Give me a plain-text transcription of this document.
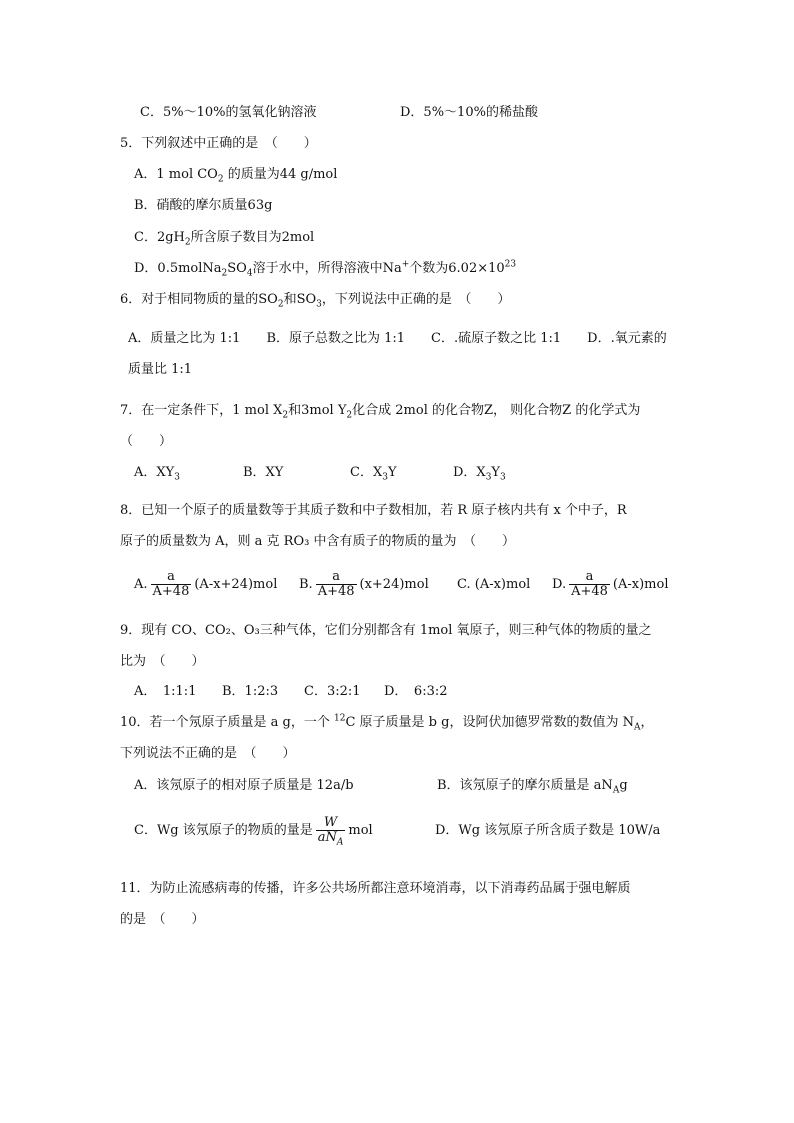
C．5%～10%的氢氧化钠溶液	D．5%～10%的稀盐酸
5．下列叙述中正确的是　（　　）
A．1 mol $CO_2$ 的质量为44 g/mol
B．硝酸的摩尔质量63g
C．$2gH_2$所含原子数目为2mol
D．$0.5molNa_2SO_4$溶于水中，所得溶液中Na+个数为$6.02\times 10^{23}$
6．对于相同物质的量的$SO_2$和$SO_3$，下列说法中正确的是　（　　）
A．质量之比为 1:1　　B．原子总数之比为 1:1　　C．.硫原子数之比 1:1　　D．.氧元素的
质量比 1:1
7．在一定条件下，1 mol $X_2$和3mol $Y_2$化合成 2mol 的化合物Z， 则化合物Z 的化学式为
（　　）
A．$XY_3$	B．XY	C．$X_3Y$	D．$X_3Y_3$
8．已知一个原子的质量数等于其质子数和中子数相加，若 R 原子核内共有 x 个中子，R
原子的质量数为 A，则 a 克 RO₃ 中含有质子的物质的量为　（　　）
A. $\frac{a}{A+48} (A-x+24)mol$ B. $\frac{a}{A+48} (x+24)mol$ C. (A-x)mol D. $\frac{a}{A+48} (A-x)mol$
9．现有 CO、CO₂、O₃三种气体，它们分别都含有 1mol 氧原子，则三种气体的物质的量之
比为　（　　）
A．　1:1:1 B．1:2:3 C．3:2:1 D．　6:3:2
10．若一个氖原子质量是 a g，一个 $^{12}$C 原子质量是 b g，设阿伏加德罗常数的数值为 $N_A$，
下列说法不正确的是　（　　）
A．该氖原子的相对原子质量是 12a/b	B．该氖原子的摩尔质量是 $aN_Ag$
C．Wg 该氖原子的物质的量是 $\frac{W}{aN_A}$ mol	D．Wg 该氖原子所含质子数是 10W/a
11．为防止流感病毒的传播，许多公共场所都注意环境消毒，以下消毒药品属于强电解质
的是　（　　）
